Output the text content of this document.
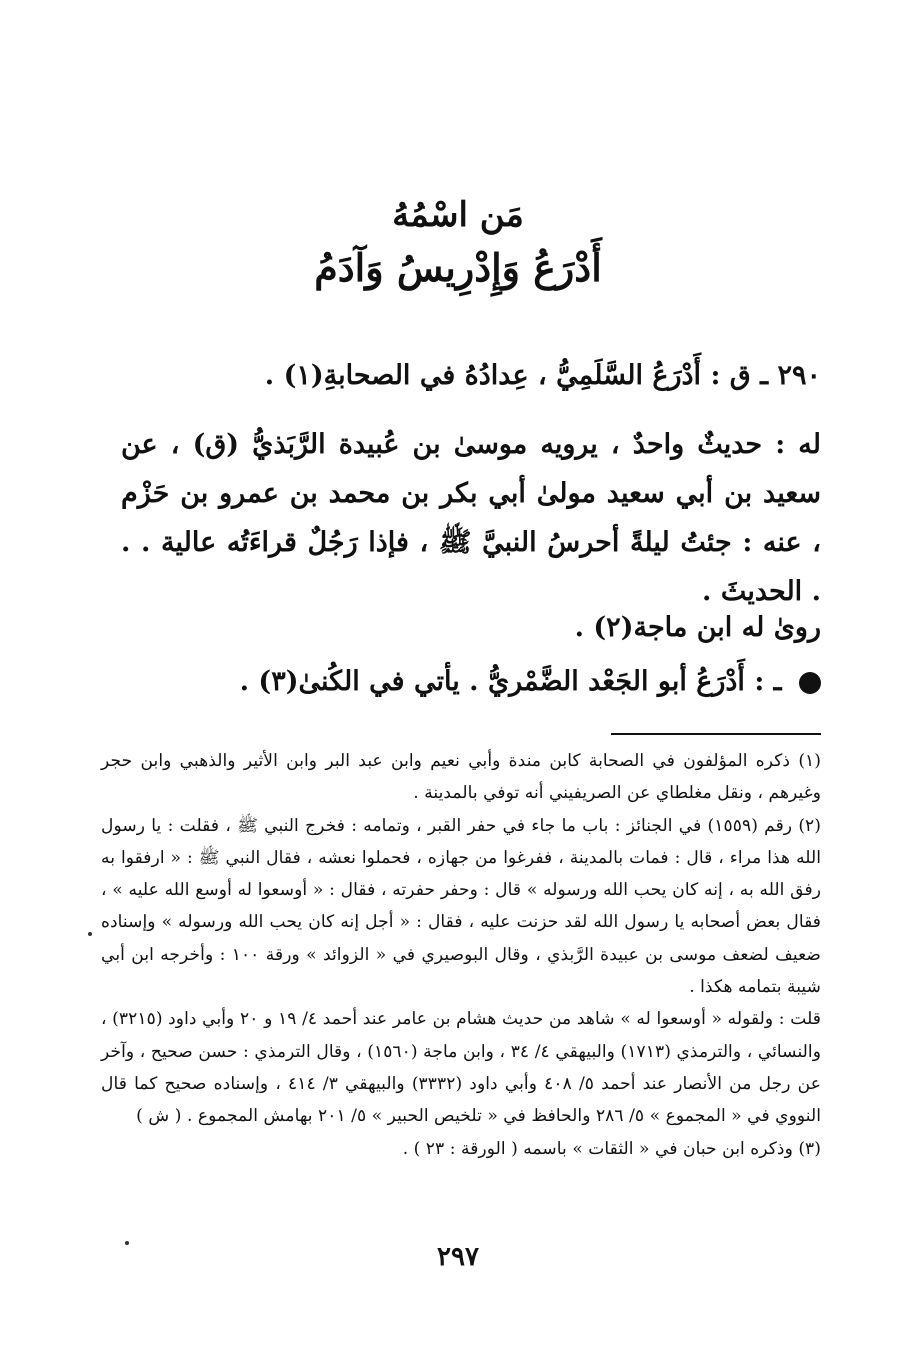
مَن اسْمُهُ
أَدْرَعُ وَإِدْرِيسُ وَآدَمُ
٢٩٠ ـ ق : أَدْرَعُ السَّلَمِيُّ ، عِدادُهُ في الصحابةِ(١) .
له : حديثٌ واحدٌ ، يرويه موسىٰ بن عُبيدة الرَّبَذيُّ (ق) ، عن سعيد بن أبي سعيد مولىٰ أبي بكر بن محمد بن عمرو بن حَزْم ، عنه : جئتُ ليلةً أحرسُ النبيَّ ﷺ ، فإذا رَجُلٌ قراءَتُه عالية . . . الحديثَ .
روىٰ له ابن ماجة(٢) .
ـ : أَدْرَعُ أبو الجَعْد الضَّمْريُّ . يأتي في الكُنىٰ(٣) .

(١) ذكره المؤلفون في الصحابة كابن مندة وأبي نعيم وابن عبد البر وابن الأثير والذهبي وابن حجر وغيرهم ، ونقل مغلطاي عن الصريفيني أنه توفي بالمدينة .

(٢) رقم (١٥٥٩) في الجنائز : باب ما جاء في حفر القبر ، وتمامه : فخرج النبي ﷺ ، فقلت : يا رسول الله هذا مراء ، قال : فمات بالمدينة ، ففرغوا من جهازه ، فحملوا نعشه ، فقال النبي ﷺ : « ارفقوا به رفق الله به ، إنه كان يحب الله ورسوله » قال : وحفر حفرته ، فقال : « أوسعوا له أوسع الله عليه » ، فقال بعض أصحابه يا رسول الله لقد حزنت عليه ، فقال : « أجل إنه كان يحب الله ورسوله » وإسناده ضعيف لضعف موسى بن عبيدة الرَّبذي ، وقال البوصيري في « الزوائد » ورقة ١٠٠ : وأخرجه ابن أبي شيبة بتمامه هكذا .

قلت : ولقوله « أوسعوا له » شاهد من حديث هشام بن عامر عند أحمد ٤/ ١٩ و ٢٠ وأبي داود (٣٢١٥) ، والنسائي ، والترمذي (١٧١٣) والبيهقي ٤/ ٣٤ ، وابن ماجة (١٥٦٠) ، وقال الترمذي : حسن صحيح ، وآخر عن رجل من الأنصار عند أحمد ٥/ ٤٠٨ وأبي داود (٣٣٣٢) والبيهقي ٣/ ٤١٤ ، وإسناده صحيح كما قال النووي في « المجموع » ٥/ ٢٨٦ والحافظ في « تلخيص الحبير » ٥/ ٢٠١ بهامش المجموع . ( ش )

(٣) وذكره ابن حبان في « الثقات » باسمه ( الورقة : ٢٣ ) .

٢٩٧
